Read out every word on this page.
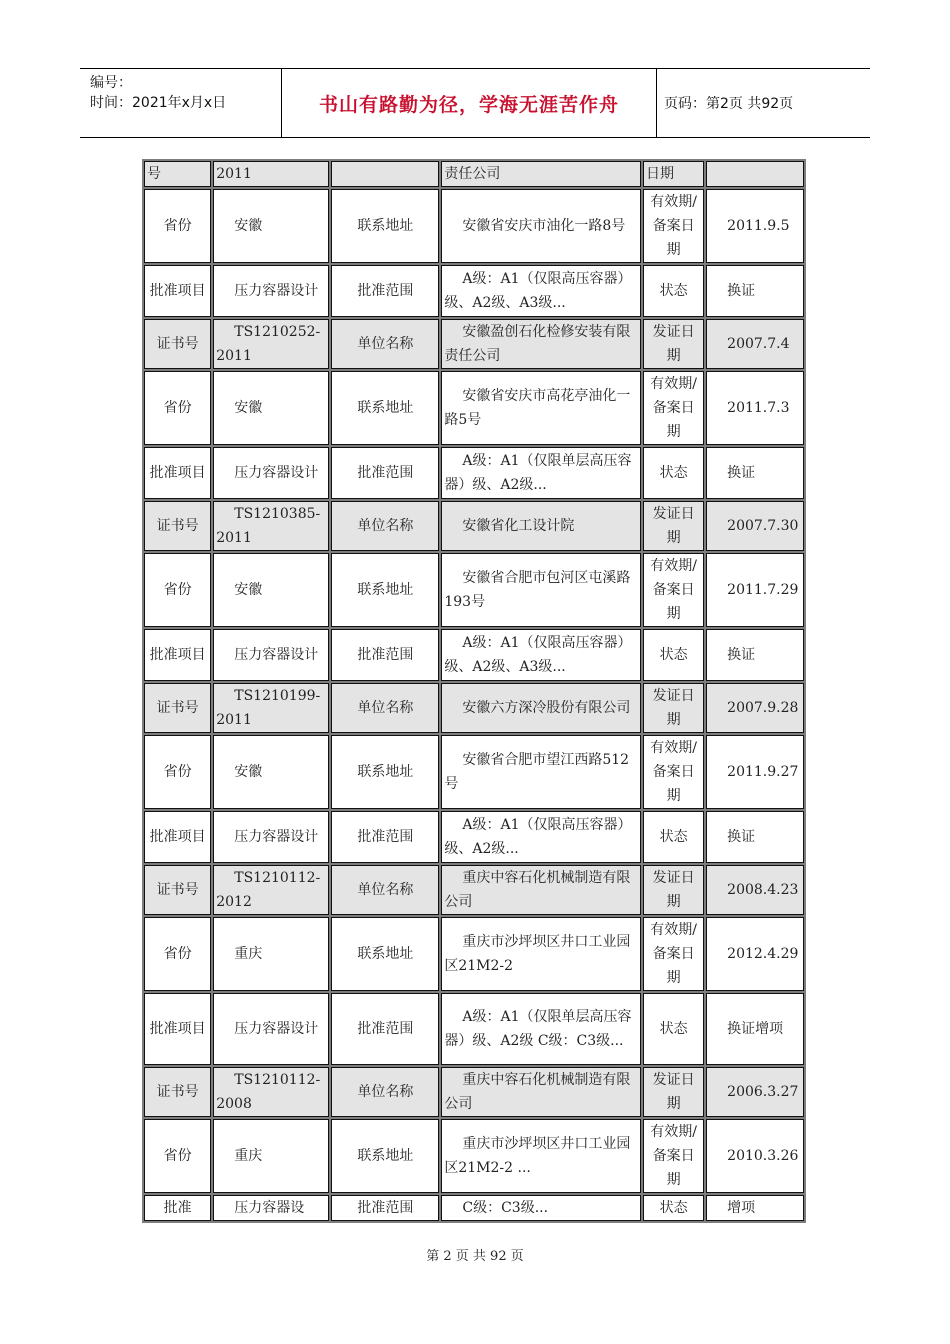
编号：
时间：2021年x月x日	书山有路勤为径，学海无涯苦作舟	页码：第2页 共92页
号	2011		责任公司	日期	
省份	安徽	联系地址	安徽省安庆市油化一路8号	有效期/备案日期	2011.9.5
批准项目	压力容器设计	批准范围	A级：A1（仅限高压容器）级、A2级、A3级...	状态	换证
证书号	TS1210252-2011	单位名称	安徽盈创石化检修安装有限责任公司	发证日期	2007.7.4
省份	安徽	联系地址	安徽省安庆市高花亭油化一路5号	有效期/备案日期	2011.7.3
批准项目	压力容器设计	批准范围	A级：A1（仅限单层高压容器）级、A2级...	状态	换证
证书号	TS1210385-2011	单位名称	安徽省化工设计院	发证日期	2007.7.30
省份	安徽	联系地址	安徽省合肥市包河区屯溪路193号	有效期/备案日期	2011.7.29
批准项目	压力容器设计	批准范围	A级：A1（仅限高压容器）级、A2级、A3级...	状态	换证
证书号	TS1210199-2011	单位名称	安徽六方深冷股份有限公司	发证日期	2007.9.28
省份	安徽	联系地址	安徽省合肥市望江西路512号	有效期/备案日期	2011.9.27
批准项目	压力容器设计	批准范围	A级：A1（仅限高压容器）级、A2级...	状态	换证
证书号	TS1210112-2012	单位名称	重庆中容石化机械制造有限公司	发证日期	2008.4.23
省份	重庆	联系地址	重庆市沙坪坝区井口工业园区21M2-2	有效期/备案日期	2012.4.29
批准项目	压力容器设计	批准范围	A级：A1（仅限单层高压容器）级、A2级 C级：C3级...	状态	换证增项
证书号	TS1210112-2008	单位名称	重庆中容石化机械制造有限公司	发证日期	2006.3.27
省份	重庆	联系地址	重庆市沙坪坝区井口工业园区21M2-2 ...	有效期/备案日期	2010.3.26
批准	压力容器设	批准范围	C级：C3级...	状态	增项
第 2 页 共 92 页
